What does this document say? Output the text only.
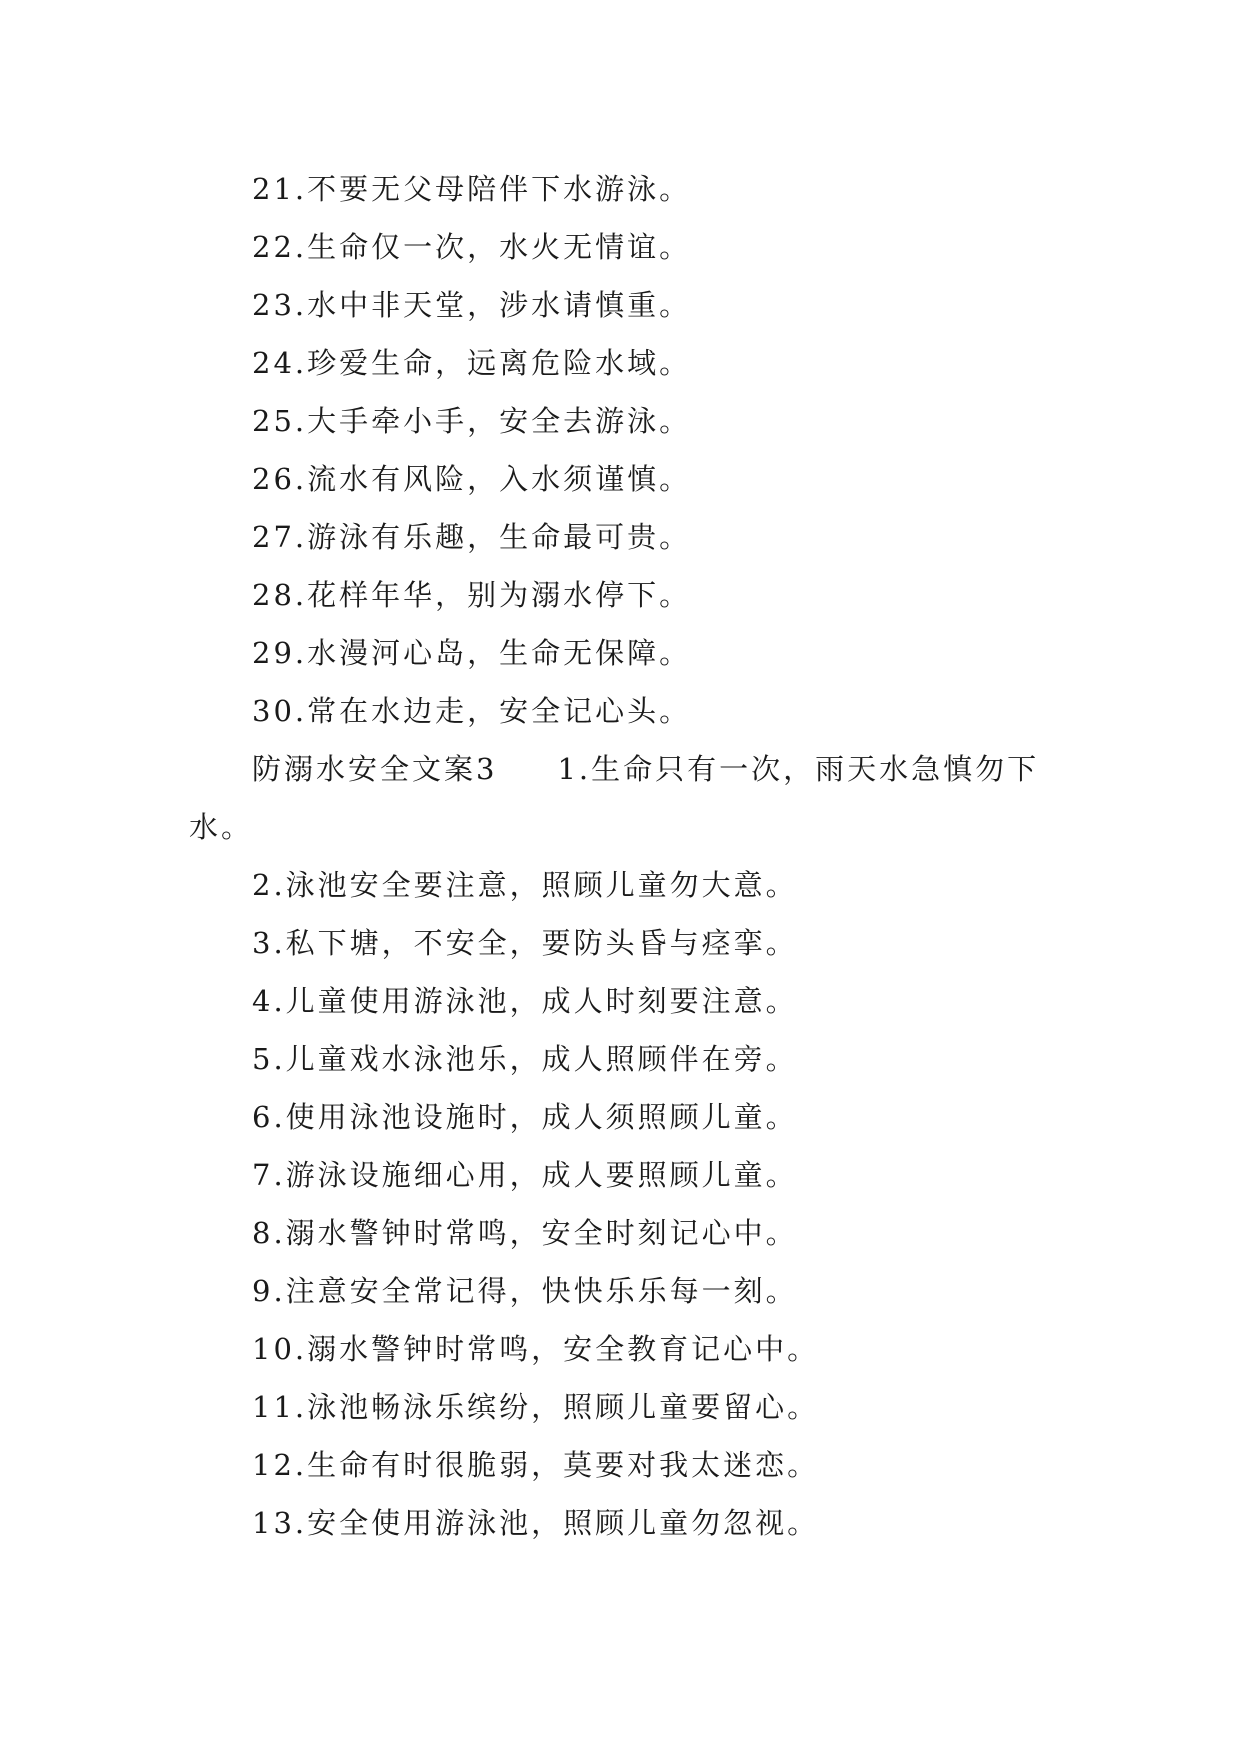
21.不要无父母陪伴下水游泳。
22.生命仅一次，水火无情谊。
23.水中非天堂，涉水请慎重。
24.珍爱生命，远离危险水域。
25.大手牵小手，安全去游泳。
26.流水有风险，入水须谨慎。
27.游泳有乐趣，生命最可贵。
28.花样年华，别为溺水停下。
29.水漫河心岛，生命无保障。
30.常在水边走，安全记心头。
防溺水安全文案3 1.生命只有一次，雨天水急慎勿下水。
2.泳池安全要注意，照顾儿童勿大意。
3.私下塘，不安全，要防头昏与痉挛。
4.儿童使用游泳池，成人时刻要注意。
5.儿童戏水泳池乐，成人照顾伴在旁。
6.使用泳池设施时，成人须照顾儿童。
7.游泳设施细心用，成人要照顾儿童。
8.溺水警钟时常鸣，安全时刻记心中。
9.注意安全常记得，快快乐乐每一刻。
10.溺水警钟时常鸣，安全教育记心中。
11.泳池畅泳乐缤纷，照顾儿童要留心。
12.生命有时很脆弱，莫要对我太迷恋。
13.安全使用游泳池，照顾儿童勿忽视。
